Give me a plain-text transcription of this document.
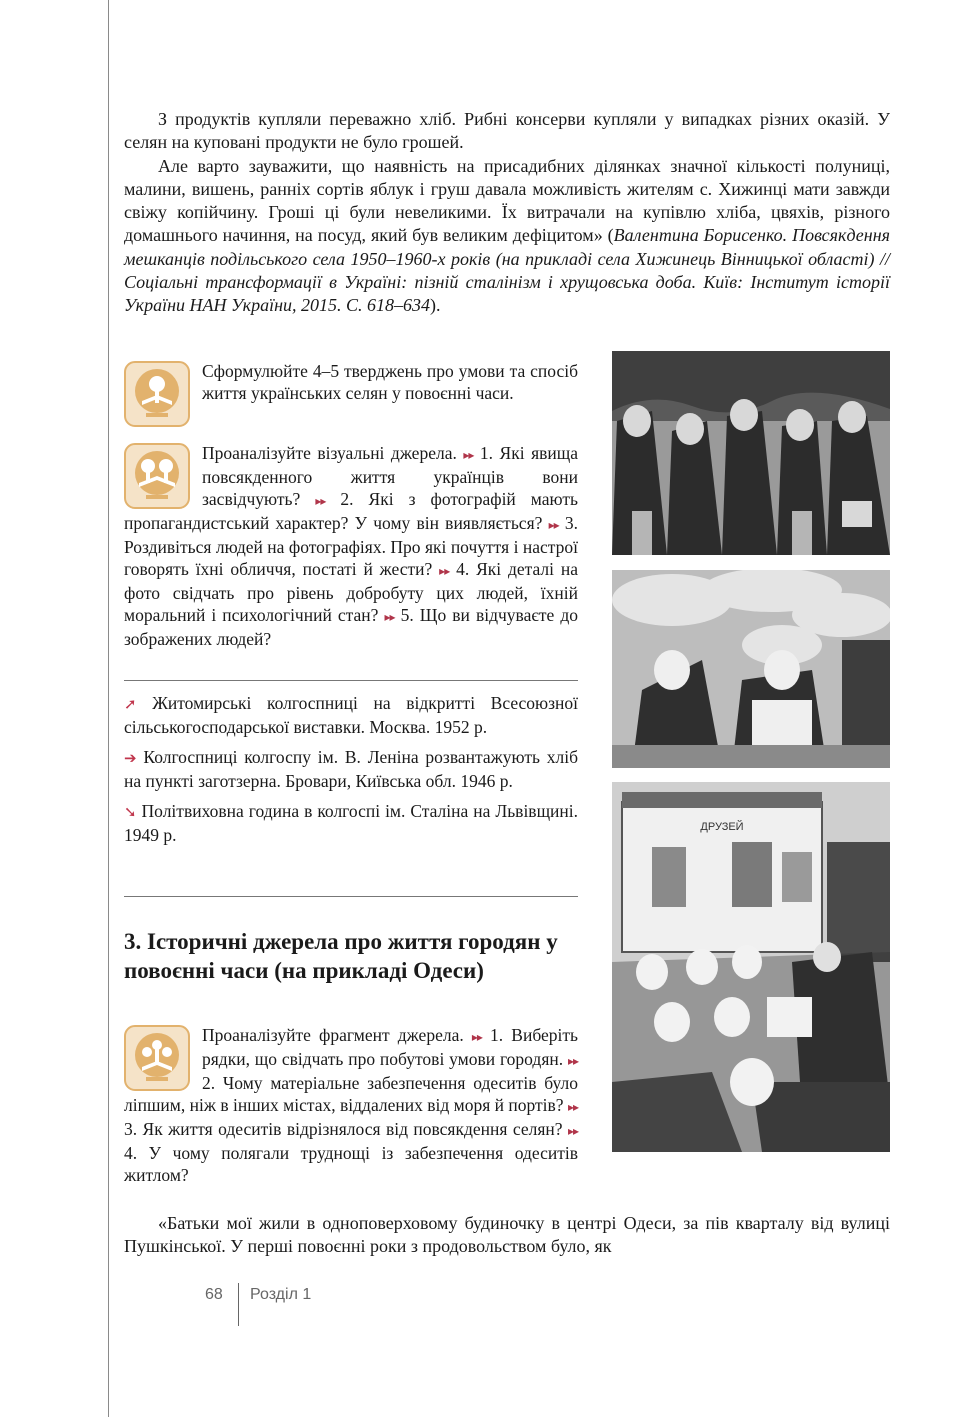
З продуктів купляли переважно хліб. Рибні консерви купляли у випадках різних оказій. У селян на куповані продукти не було грошей.

Але варто зауважити, що наявність на присадибних ділянках значної кількості полуниці, малини, вишень, ранніх сортів яблук і груш давала можливість жителям с. Хижинці мати завжди свіжу копійчину. Гроші ці були невеликими. Їх витрачали на купівлю хліба, цвяхів, різного домашнього начиння, на посуд, який був великим дефіцитом» (Валентина Борисенко. Повсякдення мешканців подільського села 1950–1960-х років (на прикладі села Хижинець Вінницької області) // Соціальні трансформації в Україні: пізній сталінізм і хрущовська доба. Київ: Інститут історії України НАН України, 2015. С. 618–634).

Сформулюйте 4–5 тверджень про умови та спосіб життя українських селян у повоєнні часи.
Проаналізуйте візуальні джерела. ▸▸ 1. Які явища повсякденного життя українців вони засвідчують? ▸▸ 2. Які з фотографій мають пропагандистський характер? У чому він виявляється? ▸▸ 3. Роздивіться людей на фотографіях. Про які почуття і настрої говорять їхні обличчя, постаті й жести? ▸▸ 4. Які деталі на фото свідчать про рівень добробуту цих людей, їхній моральний і психологічний стан? ▸▸ 5. Що ви відчуваєте до зображених людей?

➚ Житомирські колгоспниці на відкритті Всесоюзної сільськогосподарської виставки. Москва. 1952 р.

➔ Колгоспниці колгоспу ім. В. Леніна розвантажують хліб на пункті заготзерна. Бровари, Київська обл. 1946 р.

➘ Політвиховна година в колгоспі ім. Сталіна на Львівщині. 1949 р.

3. Історичні джерела про життя городян у повоєнні часи (на прикладі Одеси)
Проаналізуйте фрагмент джерела. ▸▸ 1. Виберіть рядки, що свідчать про побутові умови городян. ▸▸ 2. Чому матеріальне забезпечення одеситів було ліпшим, ніж в інших містах, віддалених від моря й портів? ▸▸ 3. Як життя одеситів відрізнялося від повсякдення селян? ▸▸ 4. У чому полягали труднощі із забезпечення одеситів житлом?

«Батьки мої жили в одноповерховому будиночку в центрі Одеси, за пів кварталу від вулиці Пушкінської. У перші повоєнні роки з продовольством було, як

ДРУЗЕЙ
68 Розділ 1
